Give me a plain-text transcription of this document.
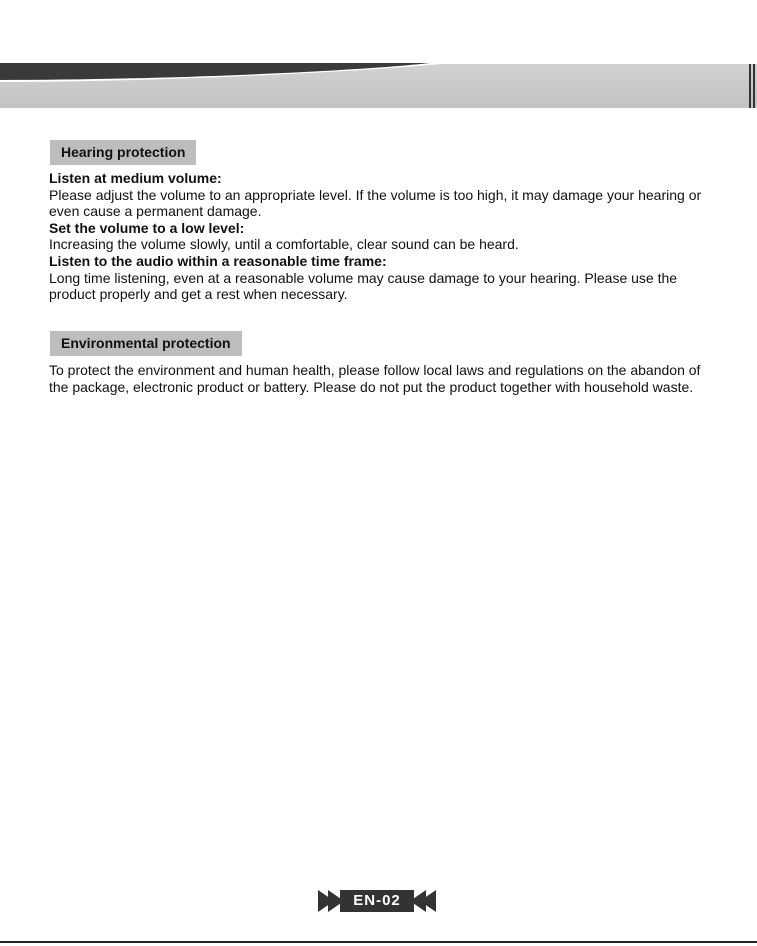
Hearing protection

Listen at medium volume:

Please adjust the volume to an appropriate level. If the volume is too high, it may damage your hearing or even cause a permanent damage.

Set the volume to a low level:

Increasing the volume slowly, until a comfortable, clear sound can be heard.

Listen to the audio within a reasonable time frame:

Long time listening, even at a reasonable volume may cause damage to your hearing. Please use the product properly and get a rest when necessary.

Environmental protection

To protect the environment and human health, please follow local laws and regulations on the abandon of the package, electronic product or battery. Please do not put the product together with household waste.

EN-02
